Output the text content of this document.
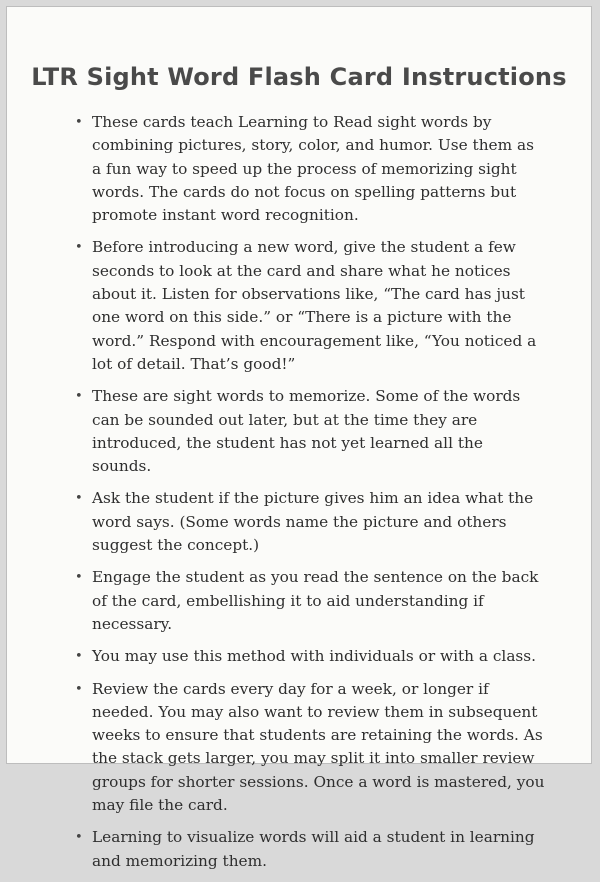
LTR Sight Word Flash Card Instructions
• These cards teach Learning to Read sight words by combining pictures, story, color, and humor. Use them as a fun way to speed up the process of memorizing sight words. The cards do not focus on spelling patterns but promote instant word recognition.
• Before introducing a new word, give the student a few seconds to look at the card and share what he notices about it. Listen for observations like, “The card has just one word on this side.” or “There is a picture with the word.” Respond with encouragement like, “You noticed a lot of detail. That’s good!”
• These are sight words to memorize. Some of the words can be sounded out later, but at the time they are introduced, the student has not yet learned all the sounds.
• Ask the student if the picture gives him an idea what the word says. (Some words name the picture and others suggest the concept.)
• Engage the student as you read the sentence on the back of the card, embellishing it to aid understanding if necessary.
• You may use this method with individuals or with a class.
• Review the cards every day for a week, or longer if needed. You may also want to review them in subsequent weeks to ensure that students are retaining the words. As the stack gets larger, you may split it into smaller review groups for shorter sessions. Once a word is mastered, you may file the card.
• Learning to visualize words will aid a student in learning and memorizing them.
